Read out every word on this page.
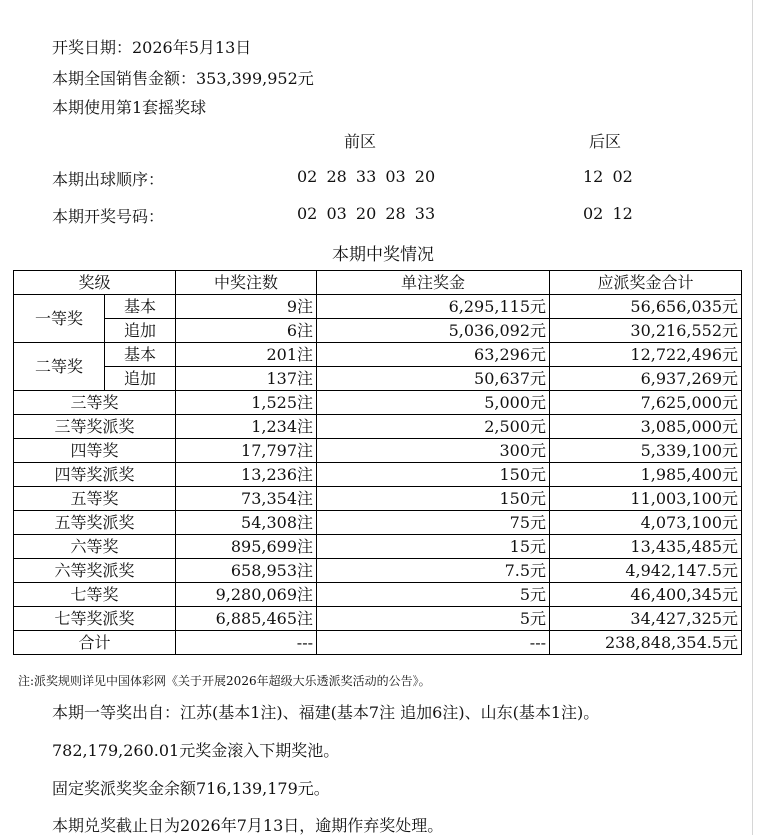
开奖日期：2026年5月13日
本期全国销售金额：353,399,952元
本期使用第1套摇奖球
前区	后区
本期出球顺序：	02 28 33 03 20	12 02
本期开奖号码：	02 03 20 28 33	02 12
本期中奖情况
奖级		中奖注数	单注奖金	应派奖金合计
一等奖	基本	9注	6,295,115元	56,656,035元
	追加	6注	5,036,092元	30,216,552元
二等奖	基本	201注	63,296元	12,722,496元
	追加	137注	50,637元	6,937,269元
三等奖		1,525注	5,000元	7,625,000元
三等奖派奖		1,234注	2,500元	3,085,000元
四等奖		17,797注	300元	5,339,100元
四等奖派奖		13,236注	150元	1,985,400元
五等奖		73,354注	150元	11,003,100元
五等奖派奖		54,308注	75元	4,073,100元
六等奖		895,699注	15元	13,435,485元
六等奖派奖		658,953注	7.5元	4,942,147.5元
七等奖		9,280,069注	5元	46,400,345元
七等奖派奖		6,885,465注	5元	34,427,325元
合计		---	---	238,848,354.5元
注:派奖规则详见中国体彩网《关于开展2026年超级大乐透派奖活动的公告》。
本期一等奖出自：江苏(基本1注)、福建(基本7注 追加6注)、山东(基本1注)。
782,179,260.01元奖金滚入下期奖池。
固定奖派奖奖金余额716,139,179元。
本期兑奖截止日为2026年7月13日，逾期作弃奖处理。
